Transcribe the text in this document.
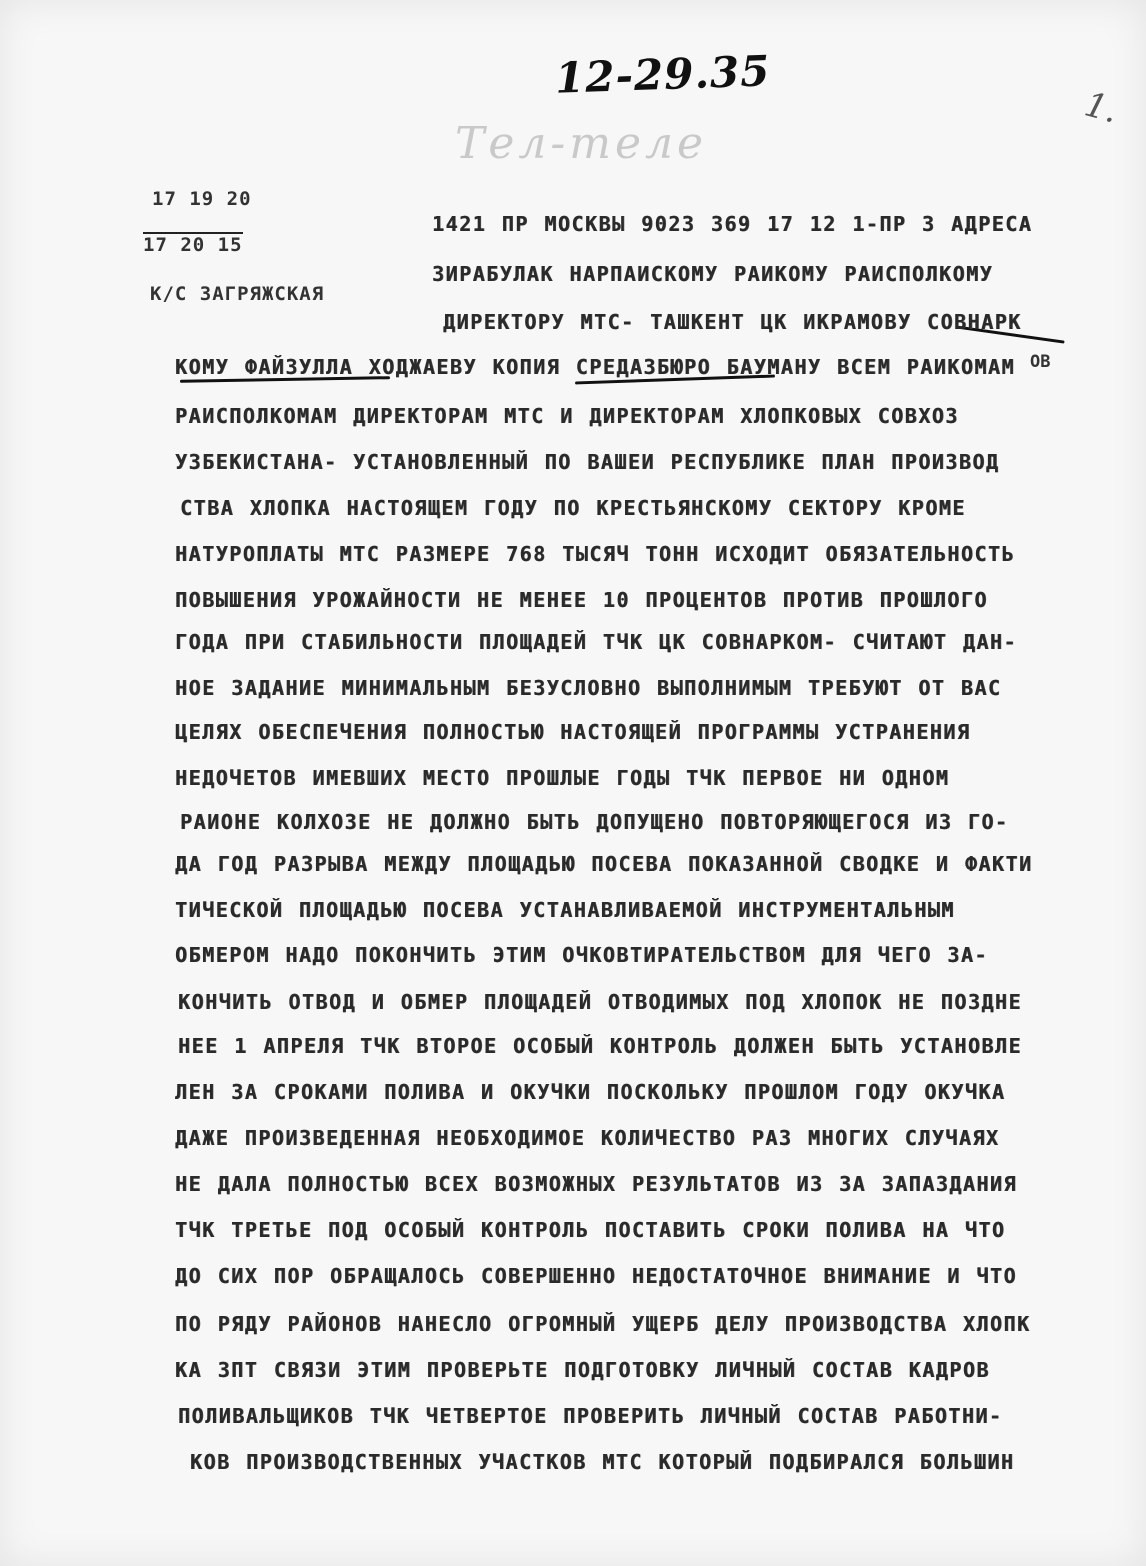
12-29.35
Тел-теле
1.
17 19 20
17 20 15
К/С ЗАГРЯЖСКАЯ
ОВ
1421 ПР МОСКВЫ 9023 369 17 12 1-ПР 3 АДРЕСА
ЗИРАБУЛАК НАРПАИСКОМУ РАИКОМУ РАИСПОЛКОМУ
ДИРЕКТОРУ МТС- ТАШКЕНТ ЦК ИКРАМОВУ СОВНАРК
КОМУ ФАЙЗУЛЛА ХОДЖАЕВУ КОПИЯ СРЕДАЗБЮРО БАУМАНУ ВСЕМ РАИКОМАМ
РАИСПОЛКОМАМ ДИРЕКТОРАМ МТС И ДИРЕКТОРАМ ХЛОПКОВЫХ СОВХОЗ
УЗБЕКИСТАНА- УСТАНОВЛЕННЫЙ ПО ВАШЕИ РЕСПУБЛИКЕ ПЛАН ПРОИЗВОД
СТВА ХЛОПКА НАСТОЯЩЕМ ГОДУ ПО КРЕСТЬЯНСКОМУ СЕКТОРУ КРОМЕ
НАТУРОПЛАТЫ МТС РАЗМЕРЕ 768 ТЫСЯЧ ТОНН ИСХОДИТ ОБЯЗАТЕЛЬНОСТЬ
ПОВЫШЕНИЯ УРОЖАЙНОСТИ НЕ МЕНЕЕ 10 ПРОЦЕНТОВ ПРОТИВ ПРОШЛОГО
ГОДА ПРИ СТАБИЛЬНОСТИ ПЛОЩАДЕЙ ТЧК ЦК СОВНАРКОМ- СЧИТАЮТ ДАН-
НОЕ ЗАДАНИЕ МИНИМАЛЬНЫМ БЕЗУСЛОВНО ВЫПОЛНИМЫМ ТРЕБУЮТ ОТ ВАС
ЦЕЛЯХ ОБЕСПЕЧЕНИЯ ПОЛНОСТЬЮ НАСТОЯЩЕЙ ПРОГРАММЫ УСТРАНЕНИЯ
НЕДОЧЕТОВ ИМЕВШИХ МЕСТО ПРОШЛЫЕ ГОДЫ ТЧК ПЕРВОЕ НИ ОДНОМ
РАИОНЕ КОЛХОЗЕ НЕ ДОЛЖНО БЫТЬ ДОПУЩЕНО ПОВТОРЯЮЩЕГОСЯ ИЗ ГО-
ДА ГОД РАЗРЫВА МЕЖДУ ПЛОЩАДЬЮ ПОСЕВА ПОКАЗАННОЙ СВОДКЕ И ФАКТИ
ТИЧЕСКОЙ ПЛОЩАДЬЮ ПОСЕВА УСТАНАВЛИВАЕМОЙ ИНСТРУМЕНТАЛЬНЫМ
ОБМЕРОМ НАДО ПОКОНЧИТЬ ЭТИМ ОЧКОВТИРАТЕЛЬСТВОМ ДЛЯ ЧЕГО ЗА-
КОНЧИТЬ ОТВОД И ОБМЕР ПЛОЩАДЕЙ ОТВОДИМЫХ ПОД ХЛОПОК НЕ ПОЗДНЕ
НЕЕ 1 АПРЕЛЯ ТЧК ВТОРОЕ ОСОБЫЙ КОНТРОЛЬ ДОЛЖЕН БЫТЬ УСТАНОВЛЕ
ЛЕН ЗА СРОКАМИ ПОЛИВА И ОКУЧКИ ПОСКОЛЬКУ ПРОШЛОМ ГОДУ ОКУЧКА
ДАЖЕ ПРОИЗВЕДЕННАЯ НЕОБХОДИМОЕ КОЛИЧЕСТВО РАЗ МНОГИХ СЛУЧАЯХ
НЕ ДАЛА ПОЛНОСТЬЮ ВСЕХ ВОЗМОЖНЫХ РЕЗУЛЬТАТОВ ИЗ ЗА ЗАПАЗДАНИЯ
ТЧК ТРЕТЬЕ ПОД ОСОБЫЙ КОНТРОЛЬ ПОСТАВИТЬ СРОКИ ПОЛИВА НА ЧТО
ДО СИХ ПОР ОБРАЩАЛОСЬ СОВЕРШЕННО НЕДОСТАТОЧНОЕ ВНИМАНИЕ И ЧТО
ПО РЯДУ РАЙОНОВ НАНЕСЛО ОГРОМНЫЙ УЩЕРБ ДЕЛУ ПРОИЗВОДСТВА ХЛОПК
КА ЗПТ СВЯЗИ ЭТИМ ПРОВЕРЬТЕ ПОДГОТОВКУ ЛИЧНЫЙ СОСТАВ КАДРОВ
ПОЛИВАЛЬЩИКОВ ТЧК ЧЕТВЕРТОЕ ПРОВЕРИТЬ ЛИЧНЫЙ СОСТАВ РАБОТНИ-
КОВ ПРОИЗВОДСТВЕННЫХ УЧАСТКОВ МТС КОТОРЫЙ ПОДБИРАЛСЯ БОЛЬШИН
